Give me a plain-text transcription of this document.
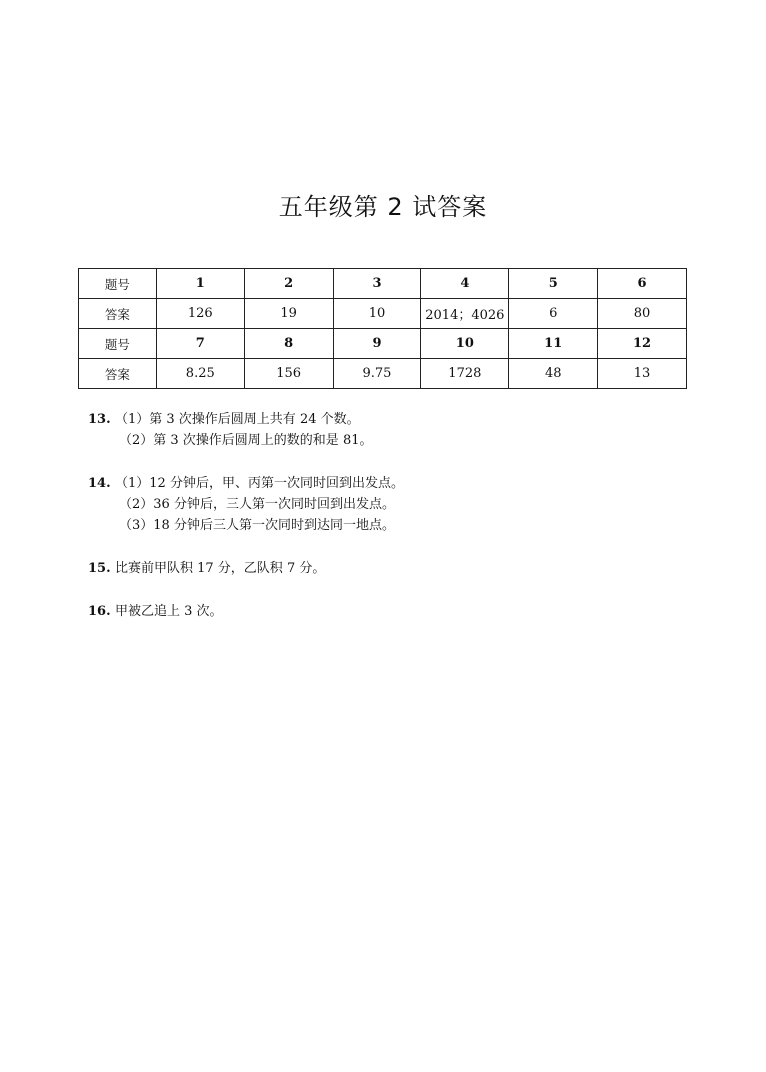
五年级第 2 试答案
题号	1	2	3	4	5	6
答案	126	19	10	2014；4026	6	80
题号	7	8	9	10	11	12
答案	8.25	156	9.75	1728	48	13
13. （1）第 3 次操作后圆周上共有 24 个数。
（2）第 3 次操作后圆周上的数的和是 81。
14. （1）12 分钟后，甲、丙第一次同时回到出发点。
（2）36 分钟后，三人第一次同时回到出发点。
（3）18 分钟后三人第一次同时到达同一地点。
15. 比赛前甲队积 17 分，乙队积 7 分。
16. 甲被乙追上 3 次。
